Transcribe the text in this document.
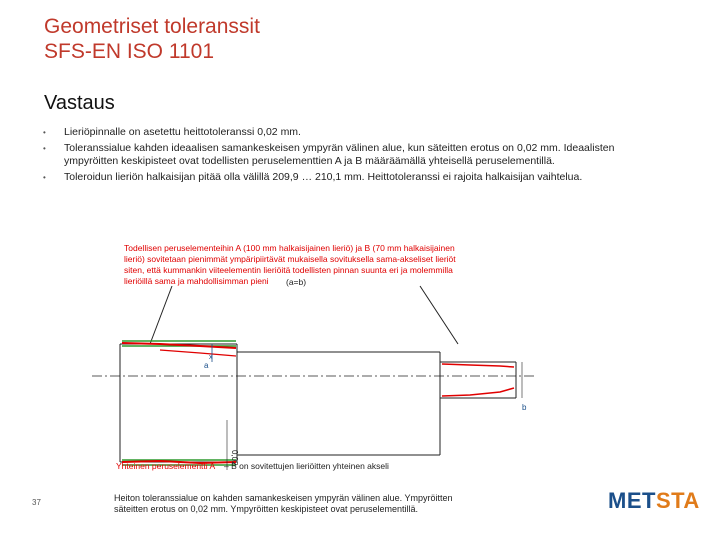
Geometriset toleranssit
SFS-EN ISO 1101
Vastaus
•	Lieriöpinnalle on asetettu heittotoleranssi 0,02 mm.
•	Toleranssialue kahden ideaalisen samankeskeisen ympyrän välinen alue, kun säteitten erotus on 0,02 mm. Ideaalisten ympyröitten keskipisteet ovat todellisten peruselementtien A ja B määräämällä yhteisellä peruselementillä.
•	Toleroidun lieriön halkaisijan pitää olla välillä 209,9 … 210,1 mm. Heittotoleranssi ei rajoita halkaisijan vaihtelua.
Todellisen peruselementeihin A (100 mm halkaisijainen lieriö) ja B (70 mm halkaisijainen
lieriö) sovitetaan pienimmät ympäripiirtävät mukaisella sovituksella sama-akseliset lieriöt
siten, että kummankin viiteelementin lieriöitä todellisten pinnan suunta eri ja molemmilla
lieriöillä sama ja mahdollisimman pieni (a=b)
x
a
b
0,02
Yhteinen peruselementti A – B on sovitettujen lieriöitten yhteinen akseli
37	Heiton toleranssialue on kahden samankeskeisen ympyrän välinen alue. Ympyröitten
säteitten erotus on 0,02 mm. Ympyröitten keskipisteet ovat peruselementillä.	METSTA
